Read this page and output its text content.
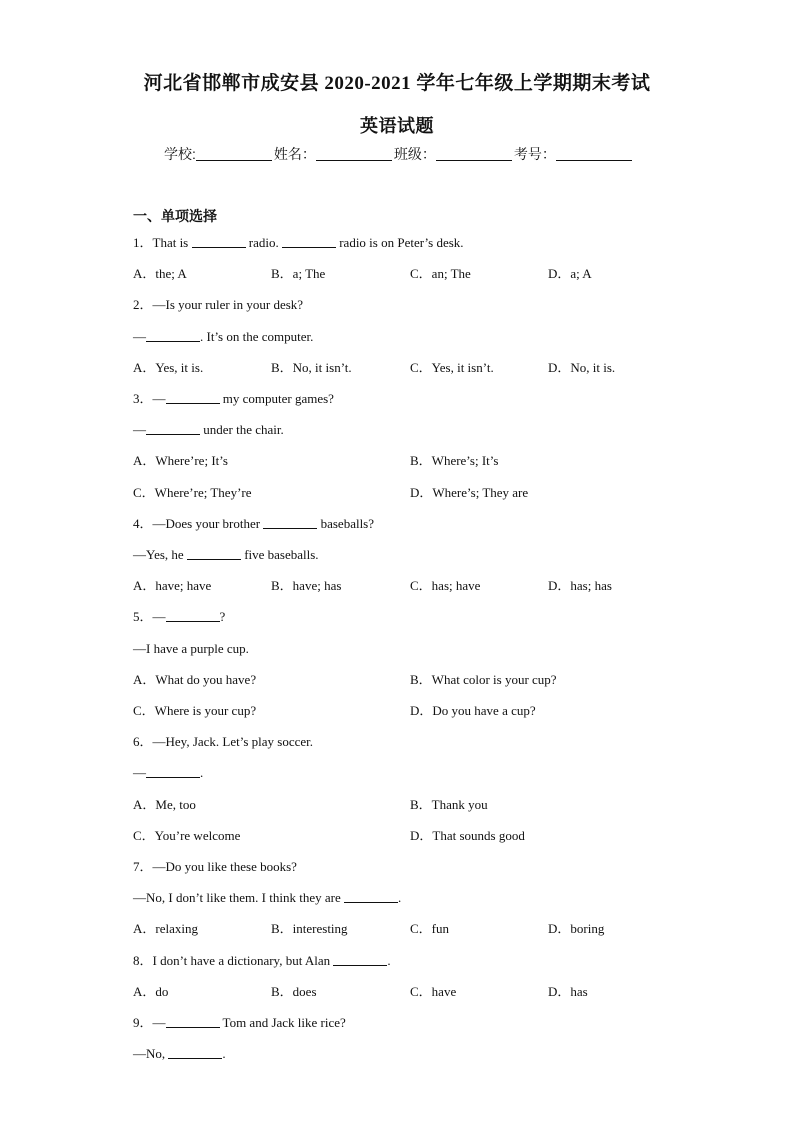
河北省邯郸市成安县 2020-2021 学年七年级上学期期末考试
英语试题
学校:	姓名：	班级：	考号：
一、单项选择
1．That is	radio.	radio is on Peter’s desk.
A．the; A	B．a; The	C．an; The	D．a; A
2．—Is your ruler in your desk?
—	. It’s on the computer.
A．Yes, it is.	B．No, it isn’t.	C．Yes, it isn’t.	D．No, it is.
3．—	my computer games?
—	under the chair.
A．Where’re; It’s	B．Where’s; It’s
C．Where’re; They’re	D．Where’s; They are
4．—Does your brother	baseballs?
—Yes, he	five baseballs.
A．have; have	B．have; has	C．has; have	D．has; has
5．—	?
—I have a purple cup.
A．What do you have?	B．What color is your cup?
C．Where is your cup?	D．Do you have a cup?
6．—Hey, Jack. Let’s play soccer.
—	.
A．Me, too	B．Thank you
C．You’re welcome	D．That sounds good
7．—Do you like these books?
—No, I don’t like them. I think they are	.
A．relaxing	B．interesting	C．fun	D．boring
8．I don’t have a dictionary, but Alan	.
A．do	B．does	C．have	D．has
9．—	Tom and Jack like rice?
—No,	.
